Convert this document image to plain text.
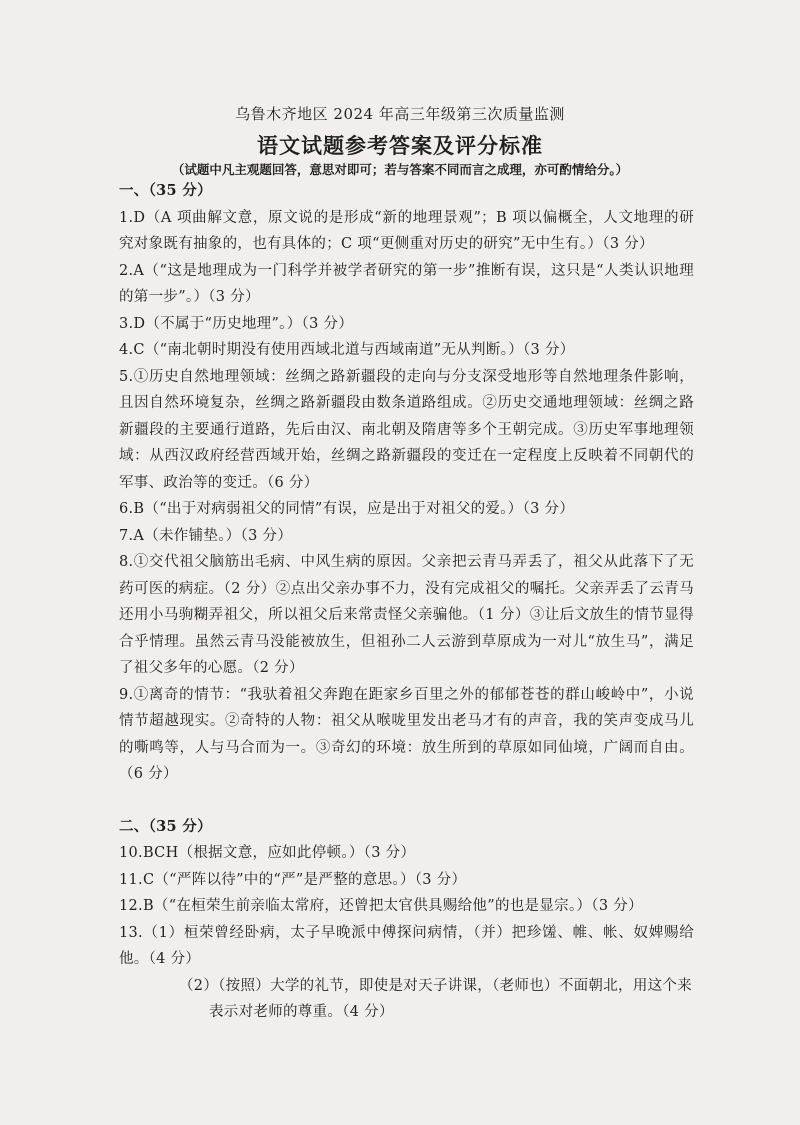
乌鲁木齐地区 2024 年高三年级第三次质量监测
语文试题参考答案及评分标准
（试题中凡主观题回答，意思对即可；若与答案不同而言之成理，亦可酌情给分。）

一、（35 分）

1.D（A 项曲解文意，原文说的是形成“新的地理景观”；B 项以偏概全，人文地理的研究对象既有抽象的，也有具体的；C 项“更侧重对历史的研究”无中生有。）（3 分）

2.A（“这是地理成为一门科学并被学者研究的第一步”推断有误，这只是“人类认识地理的第一步”。）（3 分）

3.D（不属于“历史地理”。）（3 分）

4.C（“南北朝时期没有使用西域北道与西域南道”无从判断。）（3 分）

5.①历史自然地理领域：丝绸之路新疆段的走向与分支深受地形等自然地理条件影响，且因自然环境复杂，丝绸之路新疆段由数条道路组成。②历史交通地理领域：丝绸之路新疆段的主要通行道路，先后由汉、南北朝及隋唐等多个王朝完成。③历史军事地理领域：从西汉政府经营西域开始，丝绸之路新疆段的变迁在一定程度上反映着不同朝代的军事、政治等的变迁。（6 分）

6.B（“出于对病弱祖父的同情”有误，应是出于对祖父的爱。）（3 分）

7.A（未作铺垫。）（3 分）

8.①交代祖父脑筋出毛病、中风生病的原因。父亲把云青马弄丢了，祖父从此落下了无药可医的病症。（2 分）②点出父亲办事不力，没有完成祖父的嘱托。父亲弄丢了云青马还用小马驹糊弄祖父，所以祖父后来常责怪父亲骗他。（1 分）③让后文放生的情节显得合乎情理。虽然云青马没能被放生，但祖孙二人云游到草原成为一对儿“放生马”，满足了祖父多年的心愿。（2 分）

9.①离奇的情节：“我驮着祖父奔跑在距家乡百里之外的郁郁苍苍的群山峻岭中”，小说情节超越现实。②奇特的人物：祖父从喉咙里发出老马才有的声音，我的笑声变成马儿的嘶鸣等，人与马合而为一。③奇幻的环境：放生所到的草原如同仙境，广阔而自由。（6 分）

二、（35 分）

10.BCH（根据文意，应如此停顿。）（3 分）

11.C（“严阵以待”中的“严”是严整的意思。）（3 分）

12.B（“在桓荣生前亲临太常府，还曾把太官供具赐给他”的也是显宗。）（3 分）

13.（1）桓荣曾经卧病，太子早晚派中傅探问病情，（并）把珍馐、帷、帐、奴婢赐给他。（4 分）

（2）（按照）大学的礼节，即使是对天子讲课，（老师也）不面朝北，用这个来表示对老师的尊重。（4 分）
